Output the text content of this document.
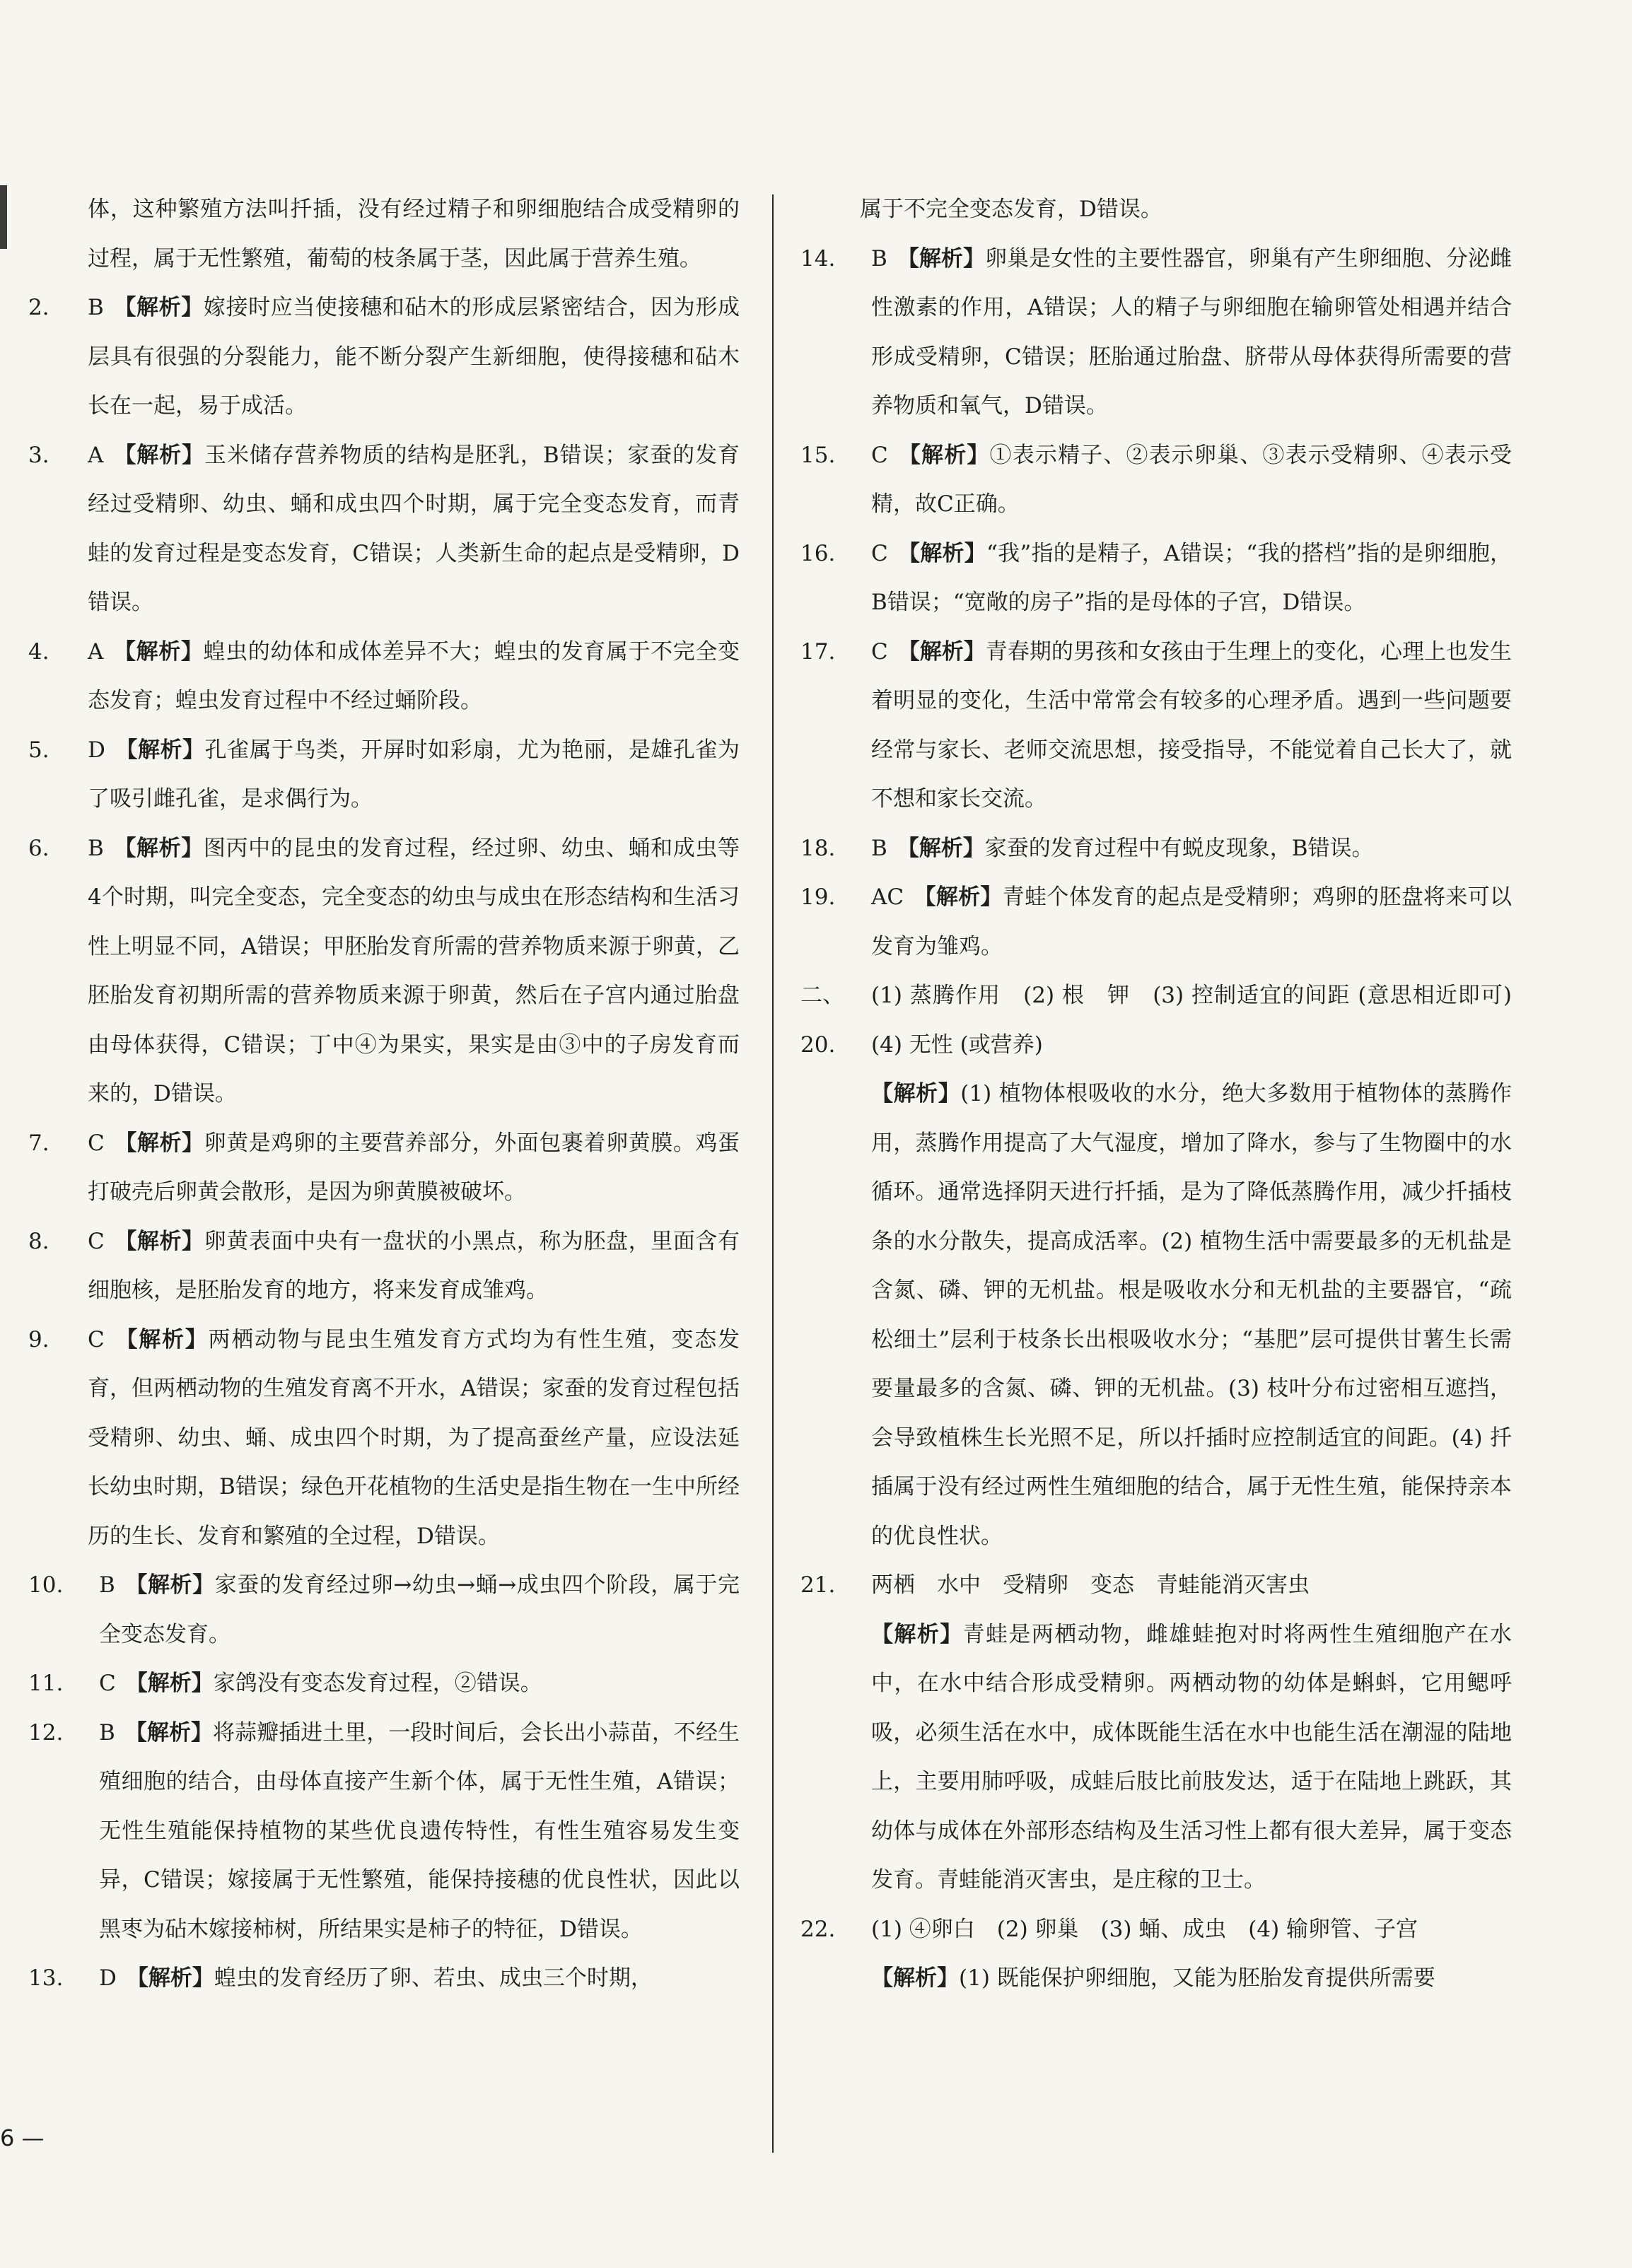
体，这种繁殖方法叫扦插，没有经过精子和卵细胞结合成受精卵的过程，属于无性繁殖，葡萄的枝条属于茎，因此属于营养生殖。
2.	B 【解析】嫁接时应当使接穗和砧木的形成层紧密结合，因为形成层具有很强的分裂能力，能不断分裂产生新细胞，使得接穗和砧木长在一起，易于成活。
3.	A 【解析】玉米储存营养物质的结构是胚乳，B错误；家蚕的发育经过受精卵、幼虫、蛹和成虫四个时期，属于完全变态发育，而青蛙的发育过程是变态发育，C错误；人类新生命的起点是受精卵，D错误。
4.	A 【解析】蝗虫的幼体和成体差异不大；蝗虫的发育属于不完全变态发育；蝗虫发育过程中不经过蛹阶段。
5.	D 【解析】孔雀属于鸟类，开屏时如彩扇，尤为艳丽，是雄孔雀为了吸引雌孔雀，是求偶行为。
6.	B 【解析】图丙中的昆虫的发育过程，经过卵、幼虫、蛹和成虫等4个时期，叫完全变态，完全变态的幼虫与成虫在形态结构和生活习性上明显不同，A错误；甲胚胎发育所需的营养物质来源于卵黄，乙胚胎发育初期所需的营养物质来源于卵黄，然后在子宫内通过胎盘由母体获得，C错误；丁中④为果实，果实是由③中的子房发育而来的，D错误。
7.	C 【解析】卵黄是鸡卵的主要营养部分，外面包裹着卵黄膜。鸡蛋打破壳后卵黄会散形，是因为卵黄膜被破坏。
8.	C 【解析】卵黄表面中央有一盘状的小黑点，称为胚盘，里面含有细胞核，是胚胎发育的地方，将来发育成雏鸡。
9.	C 【解析】两栖动物与昆虫生殖发育方式均为有性生殖，变态发育，但两栖动物的生殖发育离不开水，A错误；家蚕的发育过程包括受精卵、幼虫、蛹、成虫四个时期，为了提高蚕丝产量，应设法延长幼虫时期，B错误；绿色开花植物的生活史是指生物在一生中所经历的生长、发育和繁殖的全过程，D错误。
10.	B 【解析】家蚕的发育经过卵→幼虫→蛹→成虫四个阶段，属于完全变态发育。
11.	C 【解析】家鸽没有变态发育过程，②错误。
12.	B 【解析】将蒜瓣插进土里，一段时间后，会长出小蒜苗，不经生殖细胞的结合，由母体直接产生新个体，属于无性生殖，A错误；无性生殖能保持植物的某些优良遗传特性，有性生殖容易发生变异，C错误；嫁接属于无性繁殖，能保持接穗的优良性状，因此以黑枣为砧木嫁接柿树，所结果实是柿子的特征，D错误。
13.	D 【解析】蝗虫的发育经历了卵、若虫、成虫三个时期，
属于不完全变态发育，D错误。
14.	B 【解析】卵巢是女性的主要性器官，卵巢有产生卵细胞、分泌雌性激素的作用，A错误；人的精子与卵细胞在输卵管处相遇并结合形成受精卵，C错误；胚胎通过胎盘、脐带从母体获得所需要的营养物质和氧气，D错误。
15.	C 【解析】①表示精子、②表示卵巢、③表示受精卵、④表示受精，故C正确。
16.	C 【解析】“我”指的是精子，A错误；“我的搭档”指的是卵细胞，B错误；“宽敞的房子”指的是母体的子宫，D错误。
17.	C 【解析】青春期的男孩和女孩由于生理上的变化，心理上也发生着明显的变化，生活中常常会有较多的心理矛盾。遇到一些问题要经常与家长、老师交流思想，接受指导，不能觉着自己长大了，就不想和家长交流。
18.	B 【解析】家蚕的发育过程中有蜕皮现象，B错误。
19.	AC 【解析】青蛙个体发育的起点是受精卵；鸡卵的胚盘将来可以发育为雏鸡。
二、20.
(1) 蒸腾作用　(2) 根　钾　(3) 控制适宜的间距 (意思相近即可)　(4) 无性 (或营养)
【解析】(1) 植物体根吸收的水分，绝大多数用于植物体的蒸腾作用，蒸腾作用提高了大气湿度，增加了降水，参与了生物圈中的水循环。通常选择阴天进行扦插，是为了降低蒸腾作用，减少扦插枝条的水分散失，提高成活率。(2) 植物生活中需要最多的无机盐是含氮、磷、钾的无机盐。根是吸收水分和无机盐的主要器官，“疏松细土”层利于枝条长出根吸收水分；“基肥”层可提供甘薯生长需要量最多的含氮、磷、钾的无机盐。(3) 枝叶分布过密相互遮挡，会导致植株生长光照不足，所以扦插时应控制适宜的间距。(4) 扦插属于没有经过两性生殖细胞的结合，属于无性生殖，能保持亲本的优良性状。
21.	两栖　水中　受精卵　变态　青蛙能消灭害虫
【解析】青蛙是两栖动物，雌雄蛙抱对时将两性生殖细胞产在水中，在水中结合形成受精卵。两栖动物的幼体是蝌蚪，它用鳃呼吸，必须生活在水中，成体既能生活在水中也能生活在潮湿的陆地上，主要用肺呼吸，成蛙后肢比前肢发达，适于在陆地上跳跃，其幼体与成体在外部形态结构及生活习性上都有很大差异，属于变态发育。青蛙能消灭害虫，是庄稼的卫士。
22.	(1) ④卵白　(2) 卵巢　(3) 蛹、成虫　(4) 输卵管、子宫
【解析】(1) 既能保护卵细胞，又能为胚胎发育提供所需要
6 —
